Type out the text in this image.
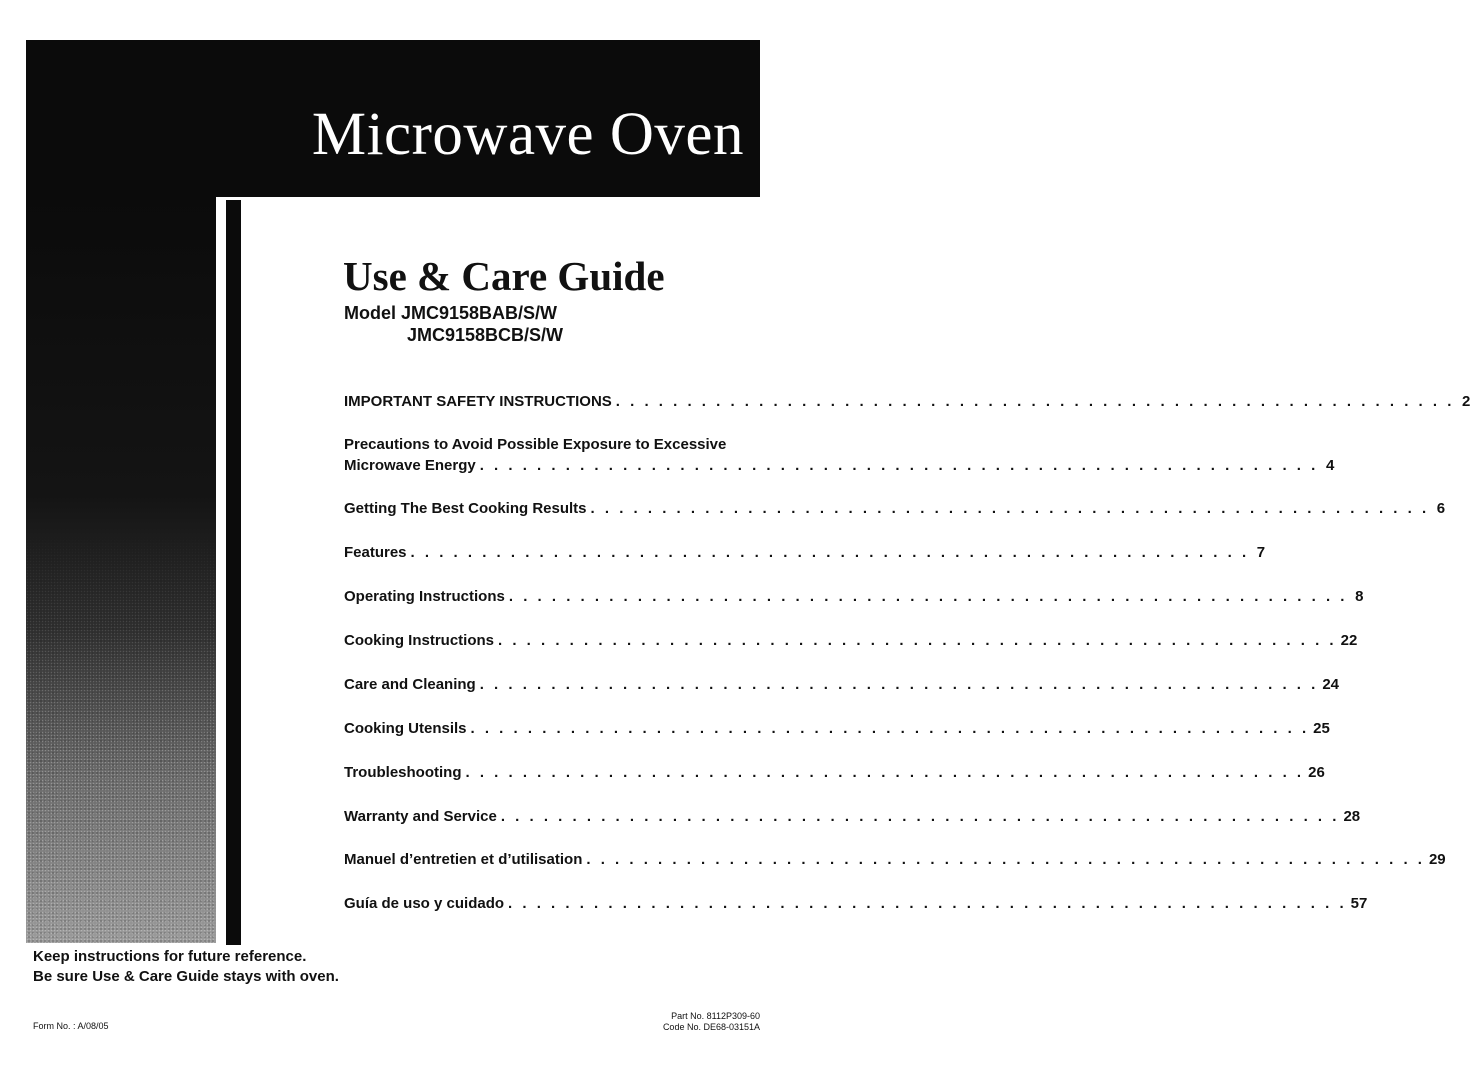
Microwave Oven
Use & Care Guide
Model JMC9158BAB/S/W
JMC9158BCB/S/W
IMPORTANT SAFETY INSTRUCTIONS . . . . . . . . . . . . . . . . . . . . . . . . . . . . . . . . . . . . . . . . . . . . . . . . . . . . . . . . . . . 2
Precautions to Avoid Possible Exposure to Excessive
Microwave Energy . . . . . . . . . . . . . . . . . . . . . . . . . . . . . . . . . . . . . . . . . . . . . . . . . . . . . . . . . . . 4
Getting The Best Cooking Results . . . . . . . . . . . . . . . . . . . . . . . . . . . . . . . . . . . . . . . . . . . . . . . . . . . . . . . . . . . 6
Features . . . . . . . . . . . . . . . . . . . . . . . . . . . . . . . . . . . . . . . . . . . . . . . . . . . . . . . . . . . 7
Operating Instructions . . . . . . . . . . . . . . . . . . . . . . . . . . . . . . . . . . . . . . . . . . . . . . . . . . . . . . . . . . . 8
Cooking Instructions . . . . . . . . . . . . . . . . . . . . . . . . . . . . . . . . . . . . . . . . . . . . . . . . . . . . . . . . . . . 22
Care and Cleaning . . . . . . . . . . . . . . . . . . . . . . . . . . . . . . . . . . . . . . . . . . . . . . . . . . . . . . . . . . . 24
Cooking Utensils . . . . . . . . . . . . . . . . . . . . . . . . . . . . . . . . . . . . . . . . . . . . . . . . . . . . . . . . . . . 25
Troubleshooting . . . . . . . . . . . . . . . . . . . . . . . . . . . . . . . . . . . . . . . . . . . . . . . . . . . . . . . . . . . 26
Warranty and Service . . . . . . . . . . . . . . . . . . . . . . . . . . . . . . . . . . . . . . . . . . . . . . . . . . . . . . . . . . . 28
Manuel d’entretien et d’utilisation . . . . . . . . . . . . . . . . . . . . . . . . . . . . . . . . . . . . . . . . . . . . . . . . . . . . . . . . . . . 29
Guía de uso y cuidado . . . . . . . . . . . . . . . . . . . . . . . . . . . . . . . . . . . . . . . . . . . . . . . . . . . . . . . . . . . 57
Keep instructions for future reference.
Be sure Use & Care Guide stays with oven.
Form No. : A/08/05
Part No. 8112P309-60
Code No. DE68-03151A
